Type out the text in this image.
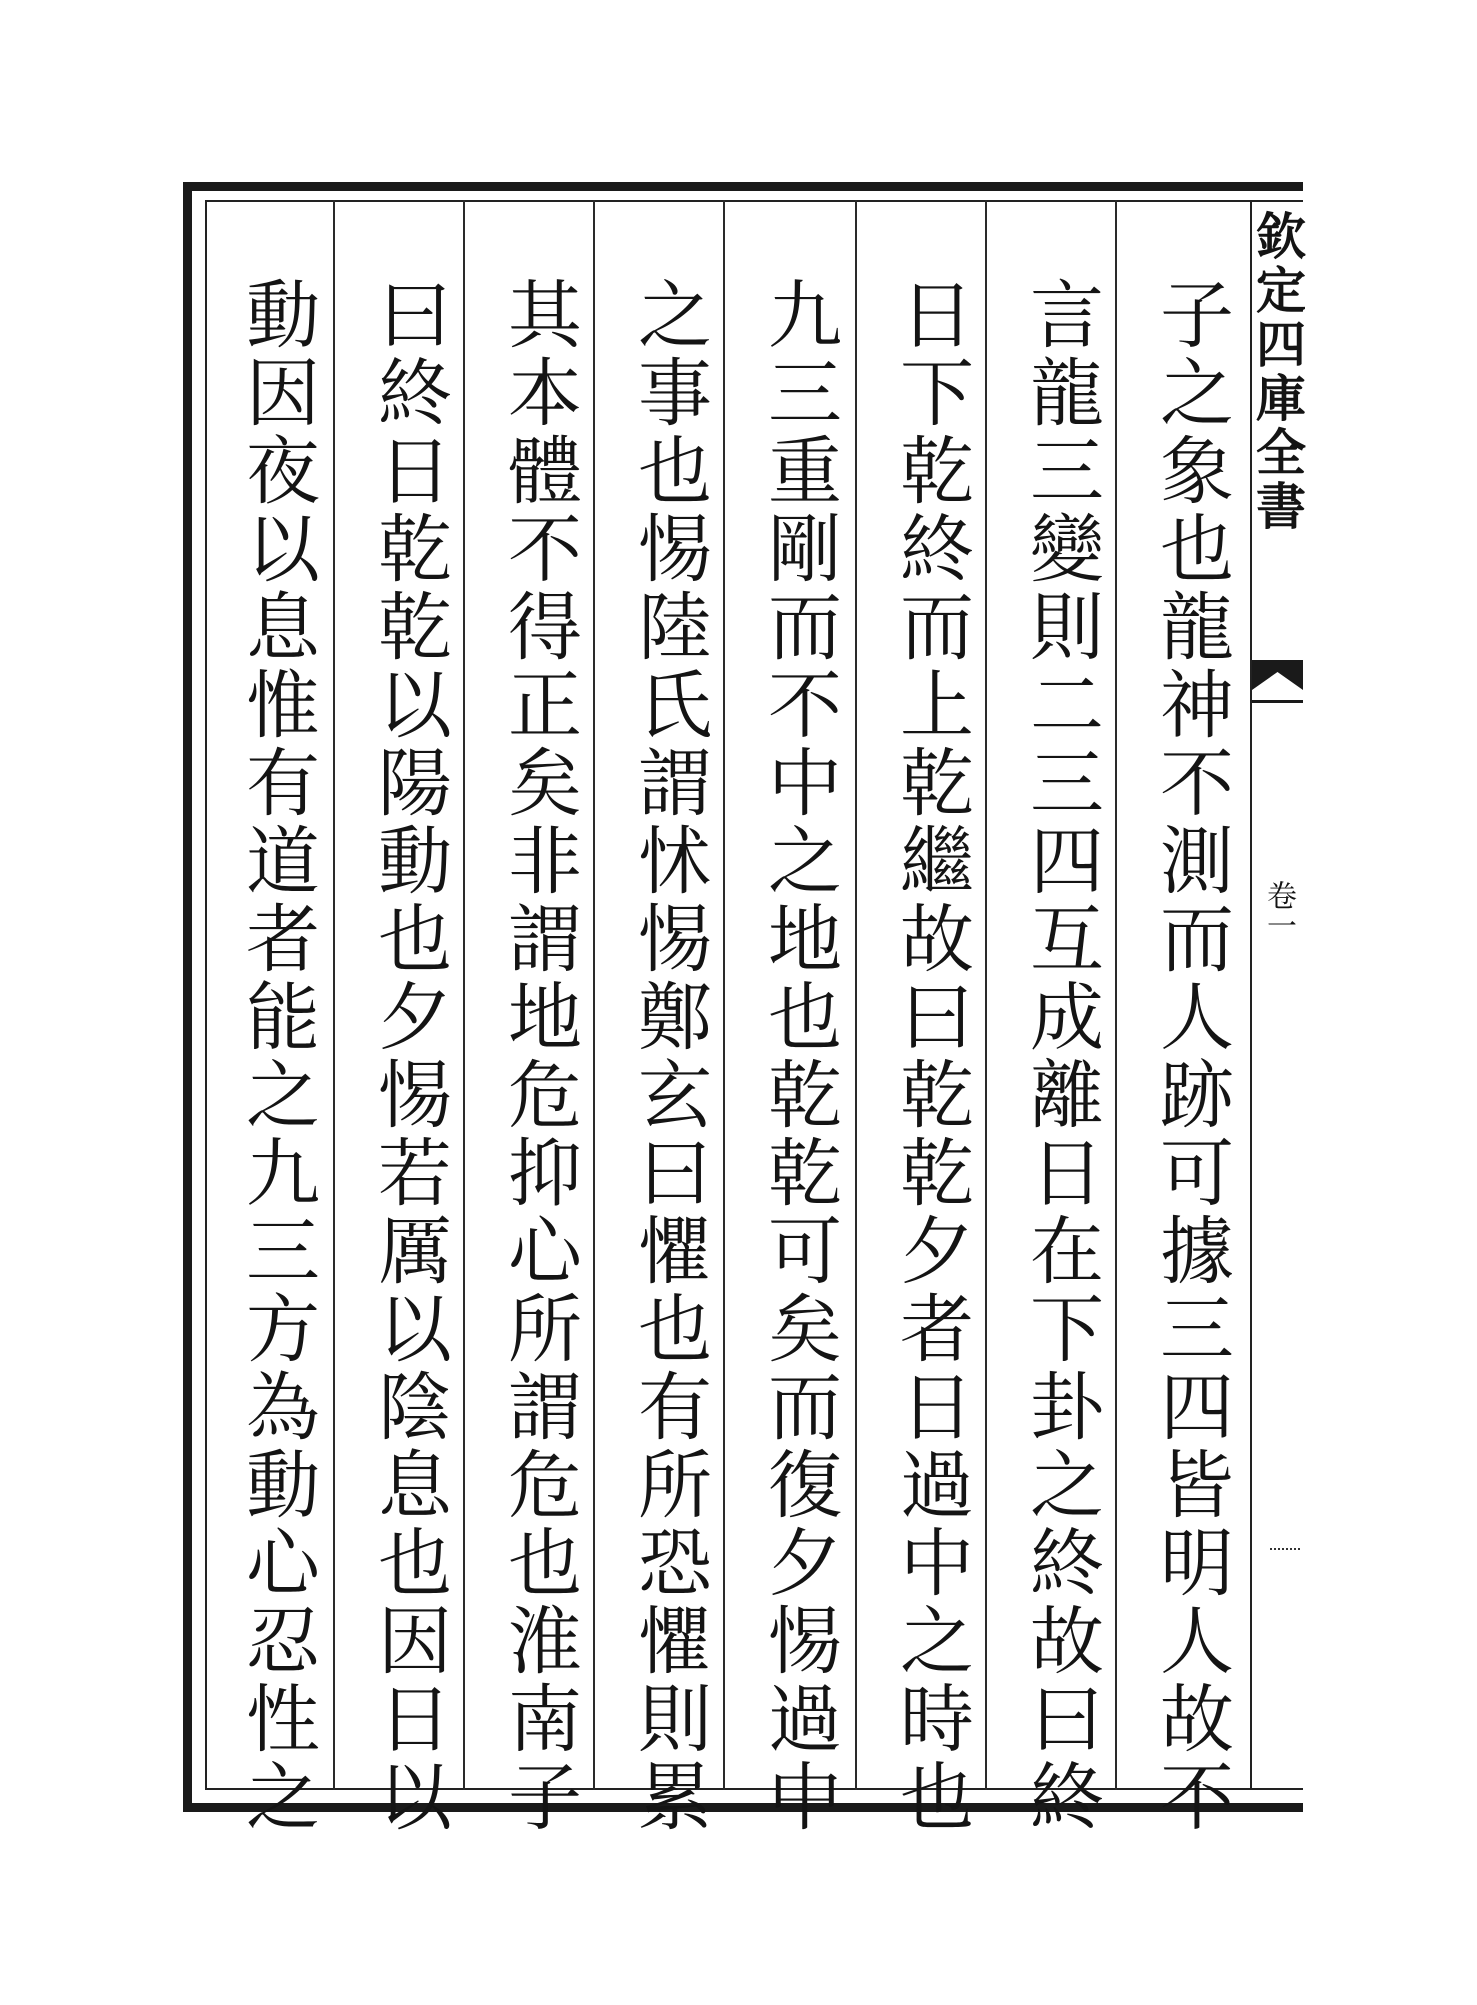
欽定四庫全書
卷一
子之象也龍神不測而人跡可據三四皆明人故不
言龍三變則二三四互成離日在下卦之終故曰終
日下乾終而上乾繼故曰乾乾夕者日過中之時也
九三重剛而不中之地也乾乾可矣而復夕惕過中
之事也惕陸氏謂怵惕鄭玄曰懼也有所恐懼則累
其本體不得正矣非謂地危抑心所謂危也淮南子
曰終日乾乾以陽動也夕惕若厲以陰息也因日以
動因夜以息惟有道者能之九三方為動心忍性之
